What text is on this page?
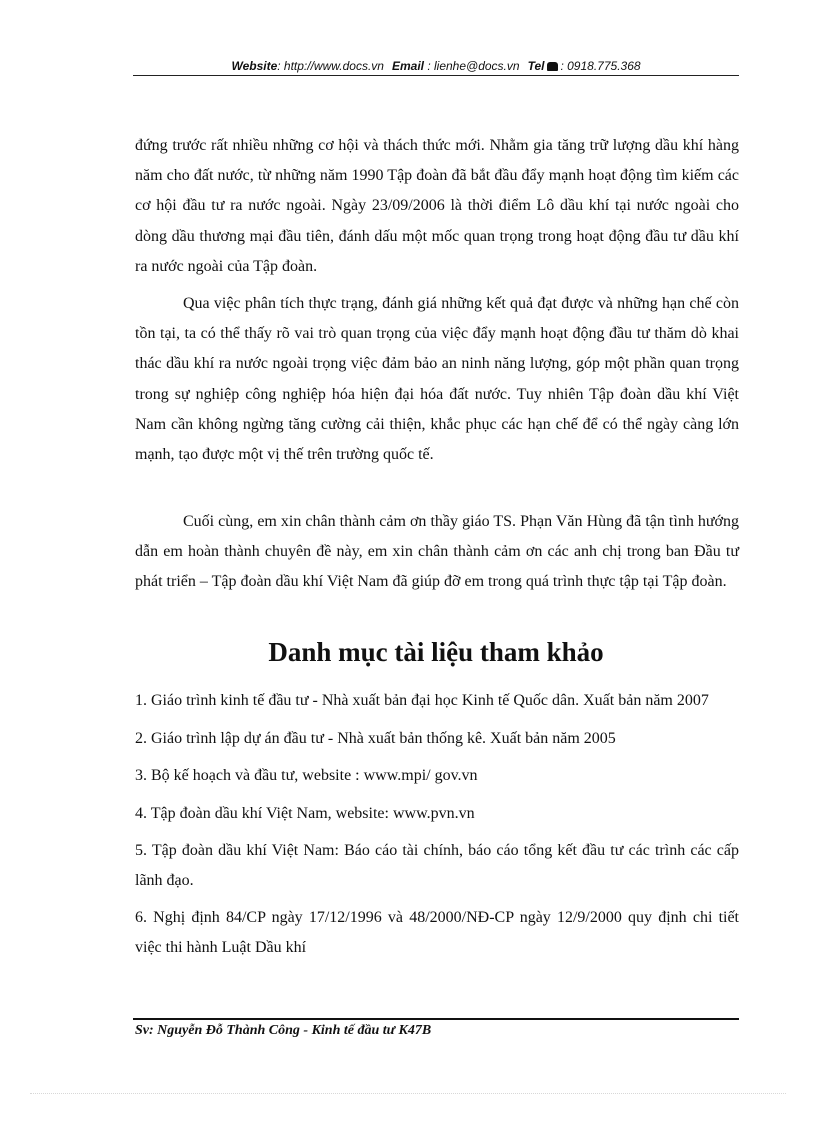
Website: http://www.docs.vn Email : lienhe@docs.vn Tel : 0918.775.368

đứng trước rất nhiều những cơ hội và thách thức mới. Nhằm gia tăng trữ lượng dầu khí hàng năm cho đất nước, từ những năm 1990 Tập đoàn đã bắt đầu đẩy mạnh hoạt động tìm kiếm các cơ hội đầu tư ra nước ngoài. Ngày 23/09/2006 là thời điểm Lô dầu khí tại nước ngoài cho dòng dầu thương mại đầu tiên, đánh dấu một mốc quan trọng trong hoạt động đầu tư dầu khí ra nước ngoài của Tập đoàn.

Qua việc phân tích thực trạng, đánh giá những kết quả đạt được và những hạn chế còn tồn tại, ta có thể thấy rõ vai trò quan trọng của việc đẩy mạnh hoạt động đầu tư thăm dò khai thác dầu khí ra nước ngoài trọng việc đảm bảo an ninh năng lượng, góp một phần quan trọng trong sự nghiệp công nghiệp hóa hiện đại hóa đất nước. Tuy nhiên Tập đoàn dầu khí Việt Nam cần không ngừng tăng cường cải thiện, khắc phục các hạn chế để có thể ngày càng lớn mạnh, tạo được một vị thế trên trường quốc tế.

Cuối cùng, em xin chân thành cảm ơn thầy giáo TS. Phạn Văn Hùng đã tận tình hướng dẫn em hoàn thành chuyên đề này, em xin chân thành cảm ơn các anh chị trong ban Đầu tư phát triển – Tập đoàn dầu khí Việt Nam đã giúp đỡ em trong quá trình thực tập tại Tập đoàn.

Danh mục tài liệu tham khảo
1. Giáo trình kinh tế đầu tư - Nhà xuất bản đại học Kinh tế Quốc dân. Xuất bản năm 2007
2. Giáo trình lập dự án đầu tư - Nhà xuất bản thống kê. Xuất bản năm 2005
3. Bộ kế hoạch và đầu tư, website : www.mpi/ gov.vn
4. Tập đoàn dầu khí Việt Nam, website: www.pvn.vn
5. Tập đoàn dầu khí Việt Nam: Báo cáo tài chính, báo cáo tổng kết đầu tư các trình các cấp lãnh đạo.
6. Nghị định 84/CP ngày 17/12/1996 và 48/2000/NĐ-CP ngày 12/9/2000 quy định chi tiết việc thi hành Luật Dầu khí
Sv: Nguyễn Đỗ Thành Công - Kinh tế đầu tư K47B
